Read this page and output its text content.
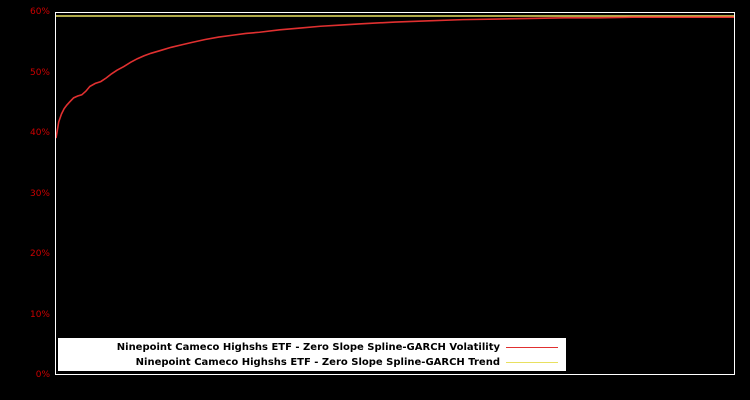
0%
10%
20%
30%
40%
50%
60%
Ninepoint Cameco Highshs ETF - Zero Slope Spline-GARCH Volatility
Ninepoint Cameco Highshs ETF - Zero Slope Spline-GARCH Trend
